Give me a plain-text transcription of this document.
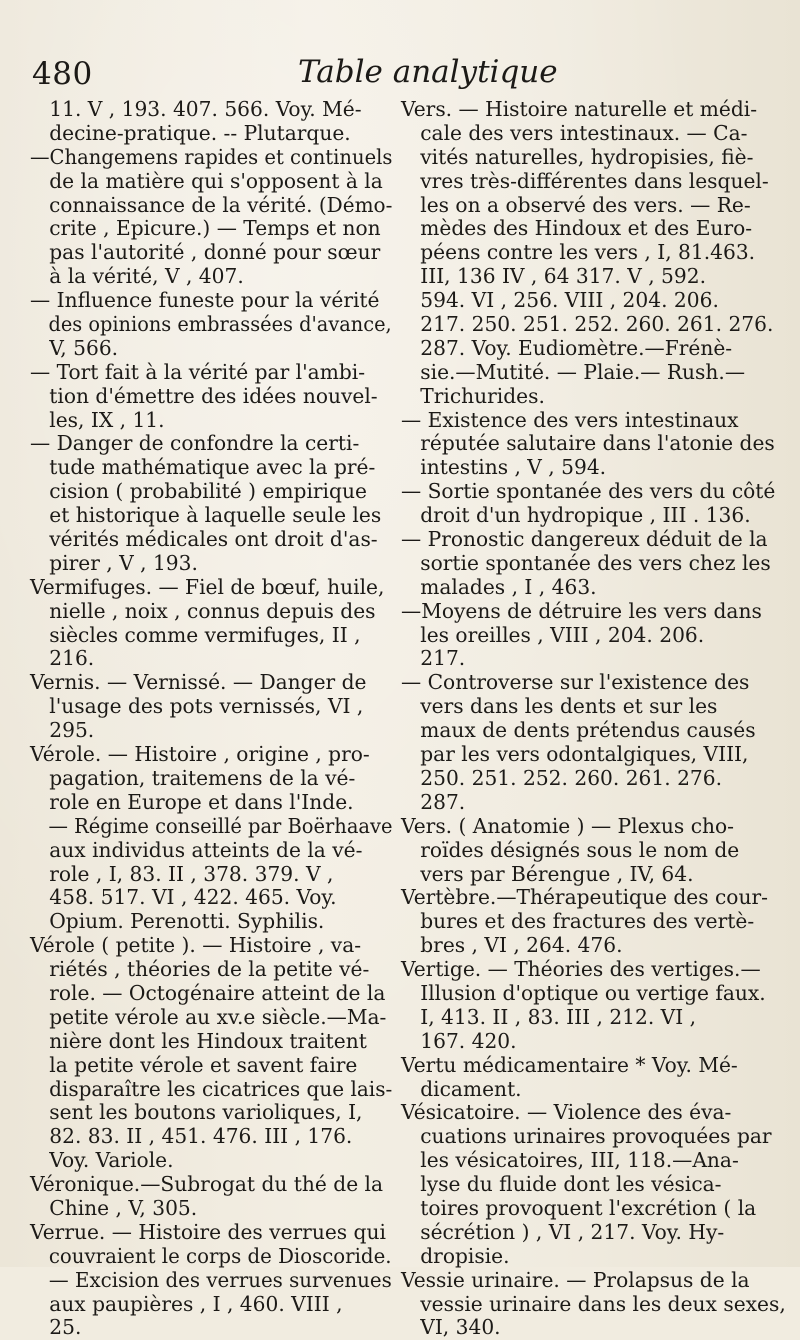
480	Table analytique
11. V , 193. 407. 566. Voy. Mé-
decine-pratique. -- Plutarque.
—Changemens rapides et continuels
de la matière qui s'opposent à la
connaissance de la vérité. (Démo-
crite , Epicure.) — Temps et non
pas l'autorité , donné pour sœur
à la vérité, V , 407.
— Influence funeste pour la vérité
des opinions embrassées d'avance,
V, 566.
— Tort fait à la vérité par l'ambi-
tion d'émettre des idées nouvel-
les, IX , 11.
— Danger de confondre la certi-
tude mathématique avec la pré-
cision ( probabilité ) empirique
et historique à laquelle seule les
vérités médicales ont droit d'as-
pirer , V , 193.
Vermifuges. — Fiel de bœuf, huile,
nielle , noix , connus depuis des
siècles comme vermifuges, II ,
216.
Vernis. — Vernissé. — Danger de
l'usage des pots vernissés, VI ,
295.
Vérole. — Histoire , origine , pro-
pagation, traitemens de la vé-
role en Europe et dans l'Inde.
— Régime conseillé par Boërhaave
aux individus atteints de la vé-
role , I, 83. II , 378. 379. V ,
458. 517. VI , 422. 465. Voy.
Opium. Perenotti. Syphilis.
Vérole ( petite ). — Histoire , va-
riétés , théories de la petite vé-
role. — Octogénaire atteint de la
petite vérole au xv.e siècle.—Ma-
nière dont les Hindoux traitent
la petite vérole et savent faire
disparaître les cicatrices que lais-
sent les boutons varioliques, I,
82. 83. II , 451. 476. III , 176.
Voy. Variole.
Véronique.—Subrogat du thé de la
Chine , V, 305.
Verrue. — Histoire des verrues qui
couvraient le corps de Dioscoride.
— Excision des verrues survenues
aux paupières , I , 460. VIII ,
25.
Vers. — Histoire naturelle et médi-
cale des vers intestinaux. — Ca-
vités naturelles, hydropisies, fiè-
vres très-différentes dans lesquel-
les on a observé des vers. — Re-
mèdes des Hindoux et des Euro-
péens contre les vers , I, 81.463.
III, 136 IV , 64 317. V , 592.
594. VI , 256. VIII , 204. 206.
217. 250. 251. 252. 260. 261. 276.
287. Voy. Eudiomètre.—Frénè-
sie.—Mutité. — Plaie.— Rush.—
Trichurides.
— Existence des vers intestinaux
réputée salutaire dans l'atonie des
intestins , V , 594.
— Sortie spontanée des vers du côté
droit d'un hydropique , III . 136.
— Pronostic dangereux déduit de la
sortie spontanée des vers chez les
malades , I , 463.
—Moyens de détruire les vers dans
les oreilles , VIII , 204. 206.
217.
— Controverse sur l'existence des
vers dans les dents et sur les
maux de dents prétendus causés
par les vers odontalgiques, VIII,
250. 251. 252. 260. 261. 276.
287.
Vers. ( Anatomie ) — Plexus cho-
roïdes désignés sous le nom de
vers par Bérengue , IV, 64.
Vertèbre.—Thérapeutique des cour-
bures et des fractures des vertè-
bres , VI , 264. 476.
Vertige. — Théories des vertiges.—
Illusion d'optique ou vertige faux.
I, 413. II , 83. III , 212. VI ,
167. 420.
Vertu médicamentaire * Voy. Mé-
dicament.
Vésicatoire. — Violence des éva-
cuations urinaires provoquées par
les vésicatoires, III, 118.—Ana-
lyse du fluide dont les vésica-
toires provoquent l'excrétion ( la
sécrétion ) , VI , 217. Voy. Hy-
dropisie.
Vessie urinaire. — Prolapsus de la
vessie urinaire dans les deux sexes,
VI, 340.
